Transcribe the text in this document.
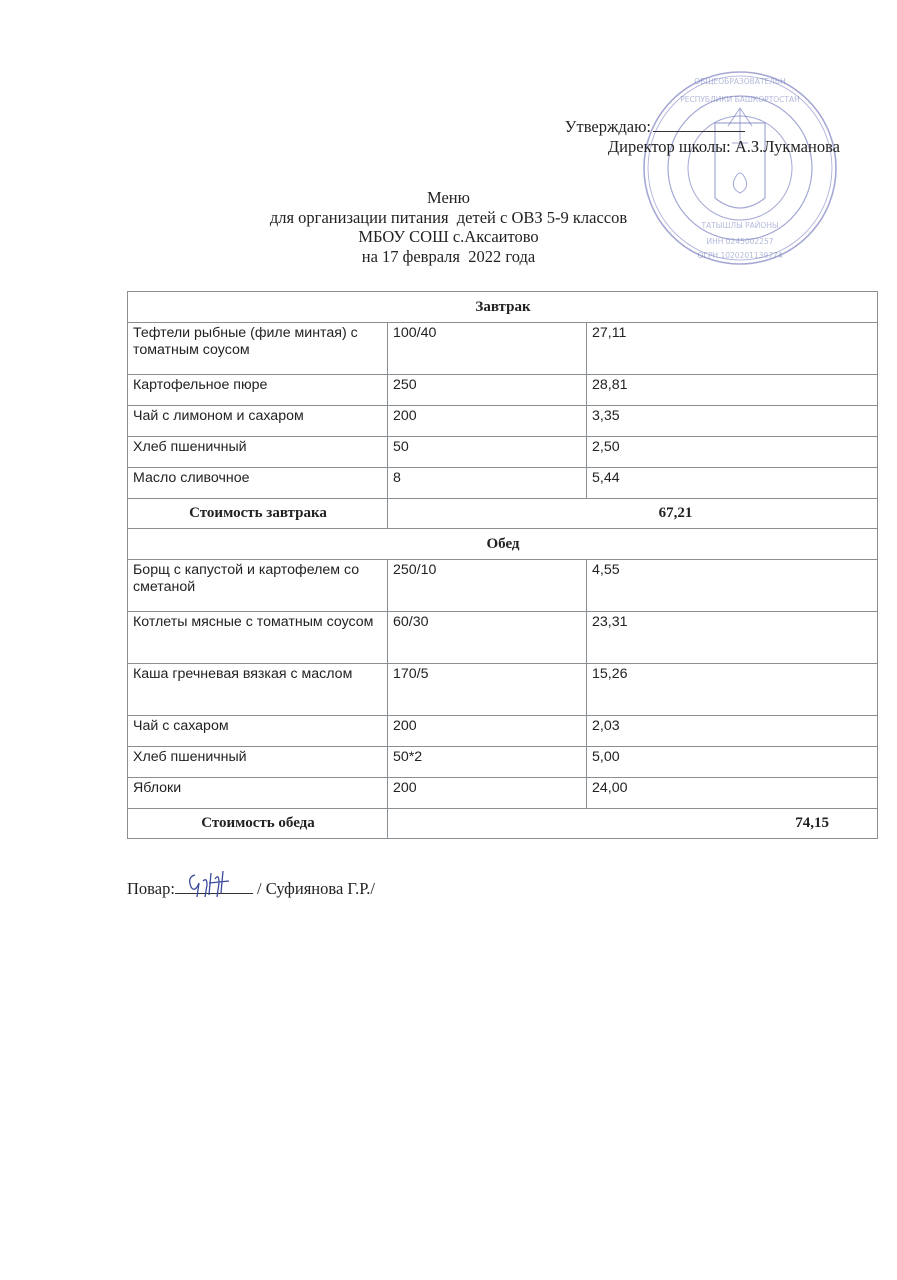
ОБЩЕОБРАЗОВАТЕЛЬН
РЕСПУБЛИКИ БАШКОРТОСТАН
ИНН 0245002257
ОГРН 1020201139774
ТАТЫШЛЫ РАЙОНЫ
Утверждаю:
Директор школы: А.З.Лукманова
Меню
для организации питания  детей с ОВЗ 5-9 классов
МБОУ СОШ с.Аксаитово
на 17 февраля  2022 года
Завтрак		
Тефтели рыбные (филе минтая) с томатным соусом	100/40	27,11
Картофельное пюре	250	28,81
Чай с лимоном и сахаром	200	3,35
Хлеб пшеничный	50	2,50
Масло сливочное	8	5,44
Стоимость завтрака	67,21	
Обед		
Борщ с капустой и картофелем со сметаной	250/10	4,55
Котлеты мясные с томатным соусом	60/30	23,31
Каша гречневая вязкая с маслом	170/5	15,26
Чай с сахаром	200	2,03
Хлеб пшеничный	50*2	5,00
Яблоки	200	24,00
Стоимость обеда	74,15	
Повар:	/ Суфиянова Г.Р./
